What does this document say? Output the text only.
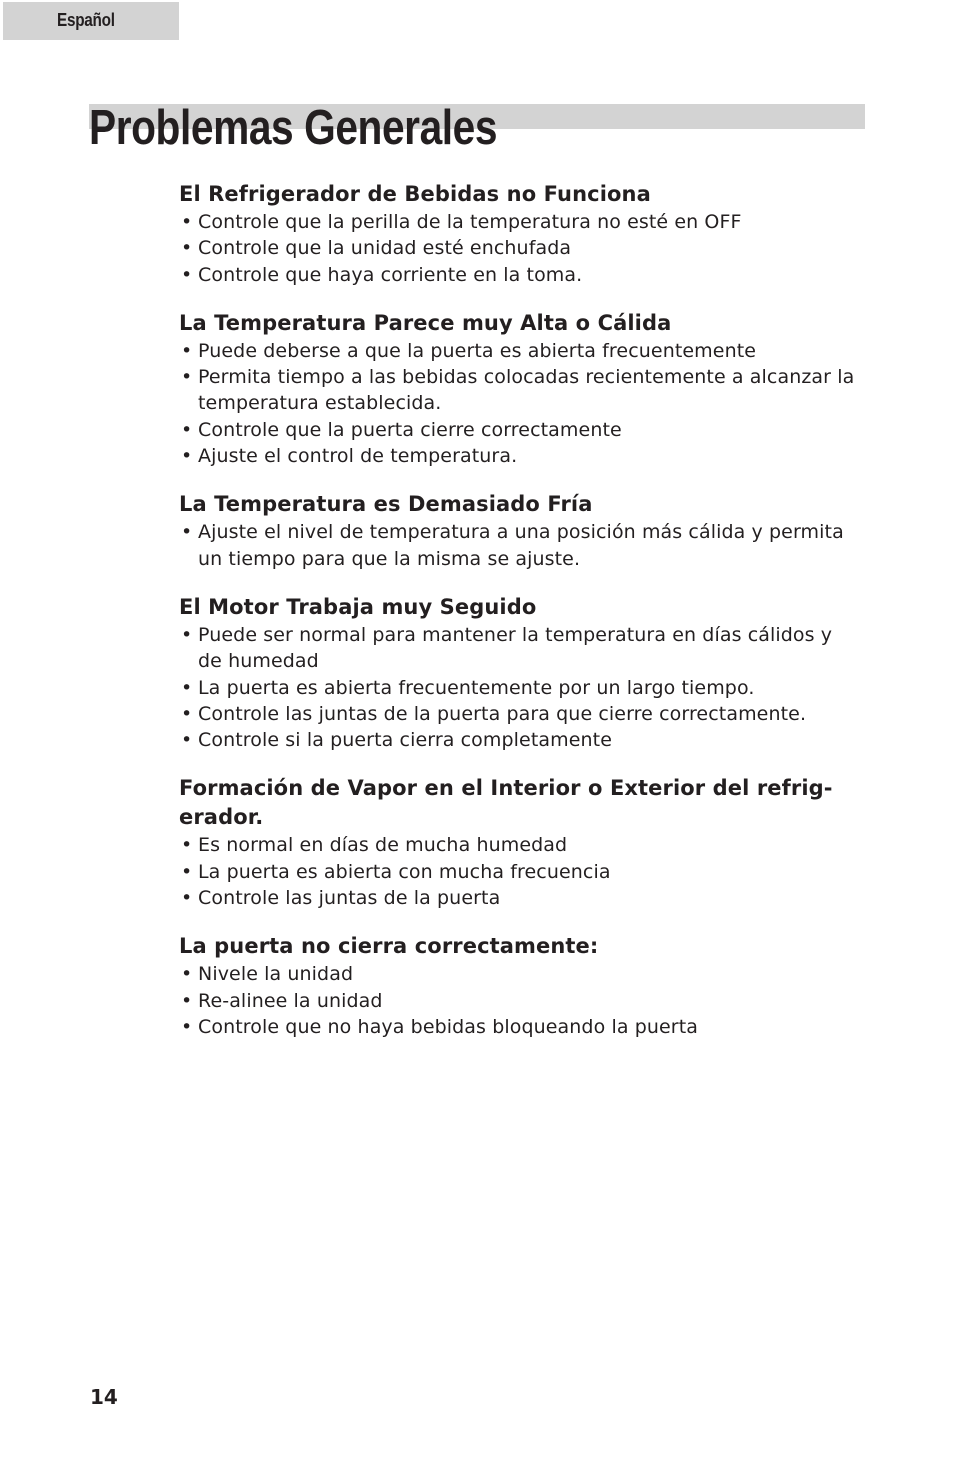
Español
Problemas Generales
El Refrigerador de Bebidas no Funciona
• Controle que la perilla de la temperatura no esté en OFF
• Controle que la unidad esté enchufada
• Controle que haya corriente en la toma.
La Temperatura Parece muy Alta o Cálida
• Puede deberse a que la puerta es abierta frecuentemente
• Permita tiempo a las bebidas colocadas recientemente a alcanzar la temperatura establecida.
• Controle que la puerta cierre correctamente
• Ajuste el control de temperatura.
La Temperatura es Demasiado Fría
• Ajuste el nivel de temperatura a una posición más cálida y permita un tiempo para que la misma se ajuste.
El Motor Trabaja muy Seguido
• Puede ser normal para mantener la temperatura en días cálidos y de humedad
• La puerta es abierta frecuentemente por un largo tiempo.
• Controle las juntas de la puerta para que cierre correctamente.
• Controle si la puerta cierra completamente
Formación de Vapor en el Interior o Exterior del refrig-erador.
• Es normal en días de mucha humedad
• La puerta es abierta con mucha frecuencia
• Controle las juntas de la puerta
La puerta no cierra correctamente:
• Nivele la unidad
• Re-alinee la unidad
• Controle que no haya bebidas bloqueando la puerta
14
